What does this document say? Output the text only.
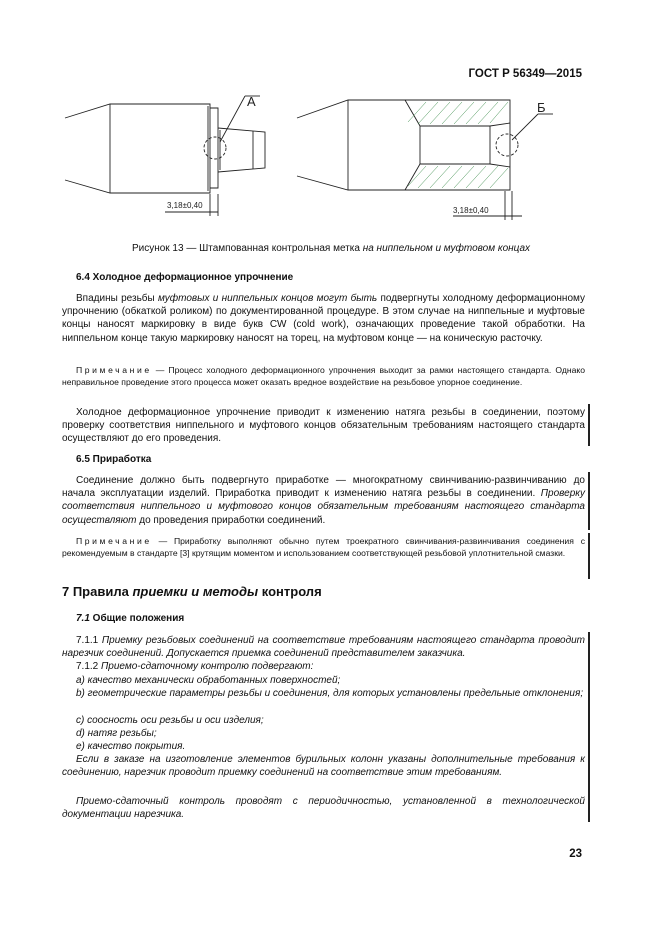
ГОСТ Р 56349—2015
А
3,18±0,40
Б
3,18±0,40
Рисунок 13 — Штампованная контрольная метка на ниппельном и муфтовом концах
6.4 Холодное деформационное упрочнение
Впадины резьбы муфтовых и ниппельных концов могут быть подвергнуты холодному деформационному упрочнению (обкаткой роликом) по документированной процедуре. В этом случае на ниппельные и муфтовые концы наносят маркировку в виде букв CW (cold work), означающих проведение такой обработки. На ниппельном конце такую маркировку наносят на торец, на муфтовом конце — на коническую расточку.
Примечание — Процесс холодного деформационного упрочнения выходит за рамки настоящего стандарта. Однако неправильное проведение этого процесса может оказать вредное воздействие на резьбовое упорное соединение.
Холодное деформационное упрочнение приводит к изменению натяга резьбы в соединении, поэтому проверку соответствия ниппельного и муфтового концов обязательным требованиям настоящего стандарта осуществляют до его проведения.
6.5 Приработка
Соединение должно быть подвергнуто приработке — многократному свинчиванию-развинчиванию до начала эксплуатации изделий. Приработка приводит к изменению натяга резьбы в соединении. Проверку соответствия ниппельного и муфтового концов обязательным требованиям настоящего стандарта осуществляют до проведения приработки соединений.
Примечание — Приработку выполняют обычно путем троекратного свинчивания-развинчивания соединения с рекомендуемым в стандарте [3] крутящим моментом и использованием соответствующей резьбовой уплотнительной смазки.
7 Правила приемки и методы контроля
7.1 Общие положения
7.1.1 Приемку резьбовых соединений на соответствие требованиям настоящего стандарта проводит нарезчик соединений. Допускается приемка соединений представителем заказчика.
7.1.2 Приемо-сдаточному контролю подвергают:
а) качество механически обработанных поверхностей;
b) геометрические параметры резьбы и соединения, для которых установлены предельные отклонения;
с) соосность оси резьбы и оси изделия;
d) натяг резьбы;
е) качество покрытия.
Если в заказе на изготовление элементов бурильных колонн указаны дополнительные требования к соединению, нарезчик проводит приемку соединений на соответствие этим требованиям.
Приемо-сдаточный контроль проводят с периодичностью, установленной в технологической документации нарезчика.
23
